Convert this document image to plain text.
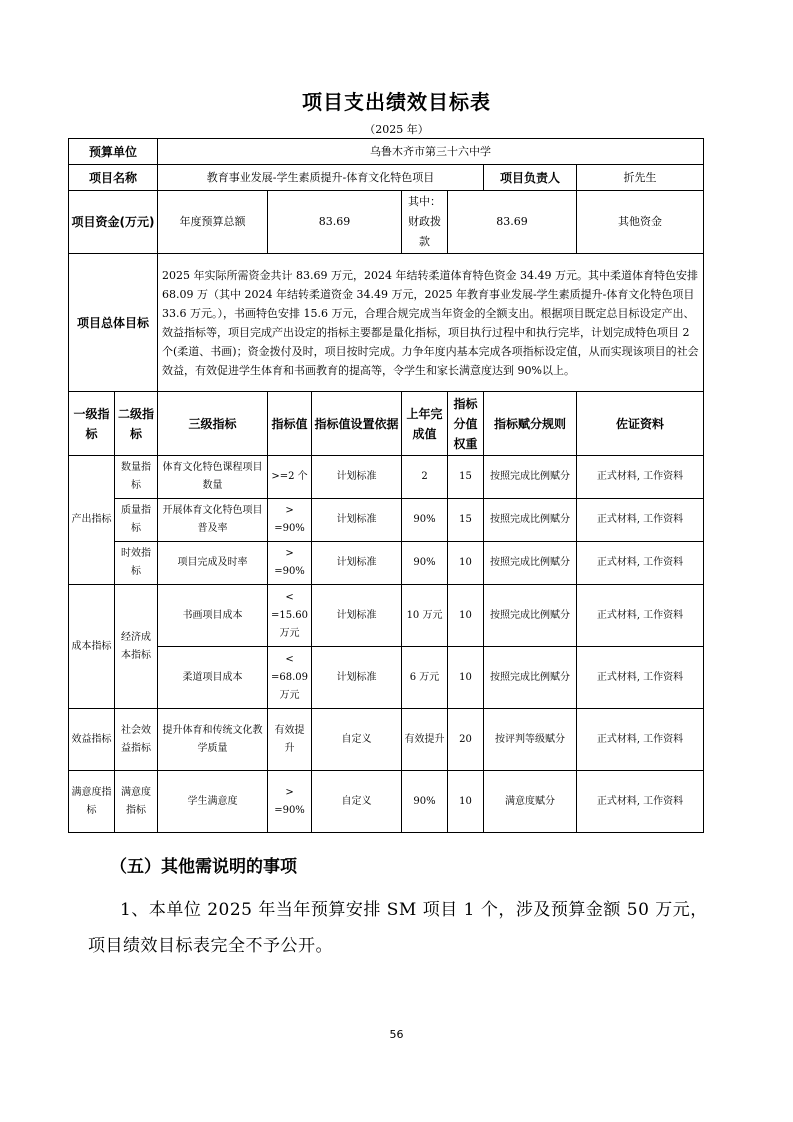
项目支出绩效目标表
（2025 年）
预算单位		乌鲁木齐市第三十六中学						
项目名称		教育事业发展-学生素质提升-体育文化特色项目					项目负责人	折先生
项目资金(万元)		年度预算总额	83.69		其中：财政拨款	83.69		其他资金
项目总体目标		2025 年实际所需资金共计 83.69 万元，2024 年结转柔道体育特色资金 34.49 万元。其中柔道体育特色安排 68.09 万（其中 2024 年结转柔道资金 34.49 万元，2025 年教育事业发展-学生素质提升-体育文化特色项目 33.6 万元。），书画特色安排 15.6 万元，合理合规完成当年资金的全额支出。根据项目既定总目标设定产出、效益指标等，项目完成产出设定的指标主要都是量化指标，项目执行过程中和执行完毕，计划完成特色项目 2 个(柔道、书画)；资金拨付及时，项目按时完成。力争年度内基本完成各项指标设定值，从而实现该项目的社会效益，有效促进学生体育和书画教育的提高等，令学生和家长满意度达到 90%以上。						
一级指标	二级指标	三级指标	指标值	指标值设置依据	上年完成值	指标分值权重	指标赋分规则	佐证资料
产出指标	数量指标	体育文化特色课程项目数量	>=2 个	计划标准	2	15	按照完成比例赋分	正式材料, 工作资料
	质量指标	开展体育文化特色项目普及率	> =90%	计划标准	90%	15	按照完成比例赋分	正式材料, 工作资料
	时效指标	项目完成及时率	> =90%	计划标准	90%	10	按照完成比例赋分	正式材料, 工作资料
成本指标	经济成本指标	书画项目成本	< =15.60 万元	计划标准	10 万元	10	按照完成比例赋分	正式材料, 工作资料
		柔道项目成本	< =68.09 万元	计划标准	6 万元	10	按照完成比例赋分	正式材料, 工作资料
效益指标	社会效益指标	提升体育和传统文化教学质量	有效提升	自定义	有效提升	20	按评判等级赋分	正式材料, 工作资料
满意度指标	满意度指标	学生满意度	> =90%	自定义	90%	10	满意度赋分	正式材料, 工作资料
（五）其他需说明的事项
1、本单位 2025 年当年预算安排 SM 项目 1 个，涉及预算金额 50 万元，项目绩效目标表完全不予公开。
56
